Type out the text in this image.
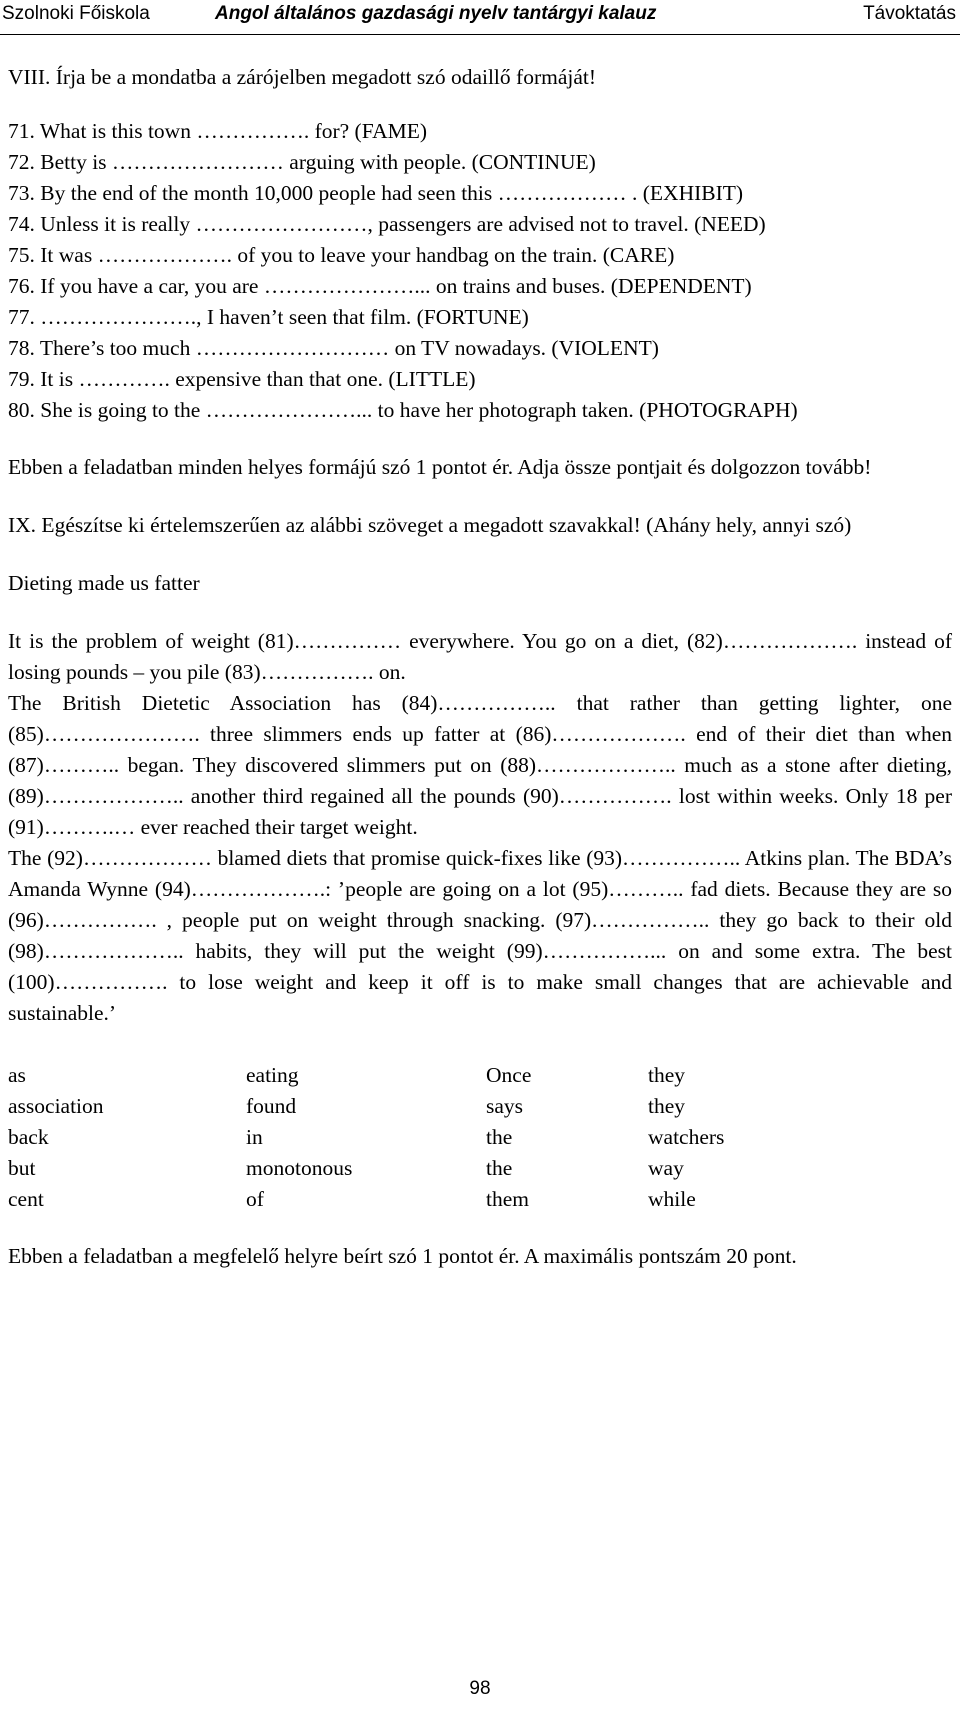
Szolnoki Főiskola	Angol általános gazdasági nyelv tantárgyi kalauz	Távoktatás

VIII. Írja be a mondatba a zárójelben megadott szó odaillő formáját!

71. What is this town ……………. for? (FAME)

72. Betty is …………………… arguing with people. (CONTINUE)

73. By the end of the month 10,000 people had seen this ……………… . (EXHIBIT)

74. Unless it is really ……………………, passengers are advised not to travel. (NEED)

75. It was ………………. of you to leave your handbag on the train. (CARE)

76. If you have a car, you are …………………... on trains and buses. (DEPENDENT)

77. …………………., I haven’t seen that film. (FORTUNE)

78. There’s too much ……………………… on TV nowadays. (VIOLENT)

79. It is …………. expensive than that one. (LITTLE)

80. She is going to the …………………... to have her photograph taken. (PHOTOGRAPH)

Ebben a feladatban minden helyes formájú szó 1 pontot ér. Adja össze pontjait és dolgozzon tovább!

IX. Egészítse ki értelemszerűen az alábbi szöveget a megadott szavakkal! (Ahány hely, annyi szó)

Dieting made us fatter

It is the problem of weight (81)…………… everywhere. You go on a diet, (82)………………. instead of losing pounds – you pile (83)……………. on.

The British Dietetic Association has (84)…………….. that rather than getting lighter, one (85)…………………. three slimmers ends up fatter at (86)………………. end of their diet than when (87)……….. began. They discovered slimmers put on (88)……………….. much as a stone after dieting, (89)……………….. another third regained all the pounds (90)……………. lost within weeks. Only 18 per (91)……….… ever reached their target weight.

The (92)……………… blamed diets that promise quick-fixes like (93)…………….. Atkins plan. The BDA’s Amanda Wynne (94)……………….: ’people are going on a lot (95)……….. fad diets. Because they are so (96)……………. , people put on weight through snacking. (97)…………….. they go back to their old (98)……………….. habits, they will put the weight (99)……………... on and some extra. The best (100)……………. to lose weight and keep it off is to make small changes that are achievable and sustainable.’

as
association
back
but
cent
eating
found
in
monotonous
of
Once
says
the
the
them
they
they
watchers
way
while

Ebben a feladatban a megfelelő helyre beírt szó 1 pontot ér. A maximális pontszám 20 pont.

98
